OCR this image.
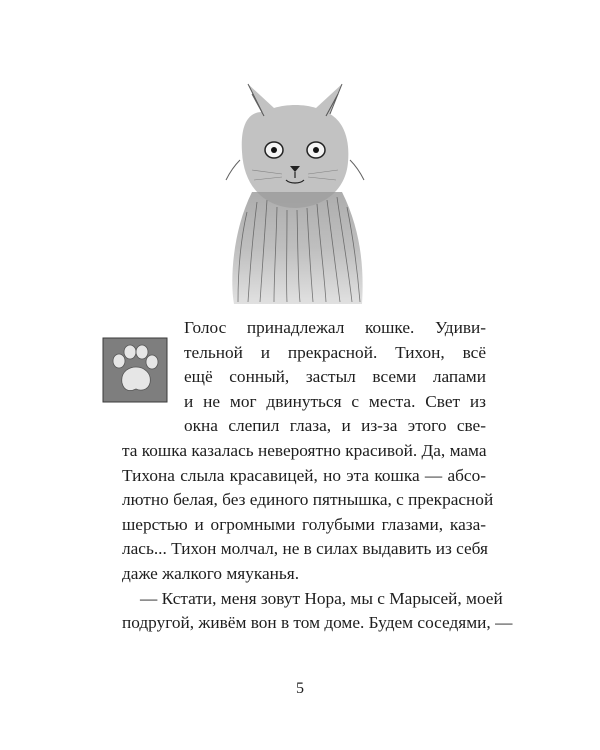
Голос принадлежал кошке. Удиви-
тельной и прекрасной. Тихон, всё
ещё сонный, застыл всеми лапами
и не мог двинуться с места. Свет из
окна слепил глаза, и из-за этого све-
та кошка казалась невероятно красивой. Да, мама
Тихона слыла красавицей, но эта кошка — абсо-
лютно белая, без единого пятнышка, с прекрасной
шерстью и огромными голубыми глазами, каза-
лась... Тихон молчал, не в силах выдавить из себя
даже жалкого мяуканья.
— Кстати, меня зовут Нора, мы с Марысей, моей
подругой, живём вон в том доме. Будем соседями, —
5
